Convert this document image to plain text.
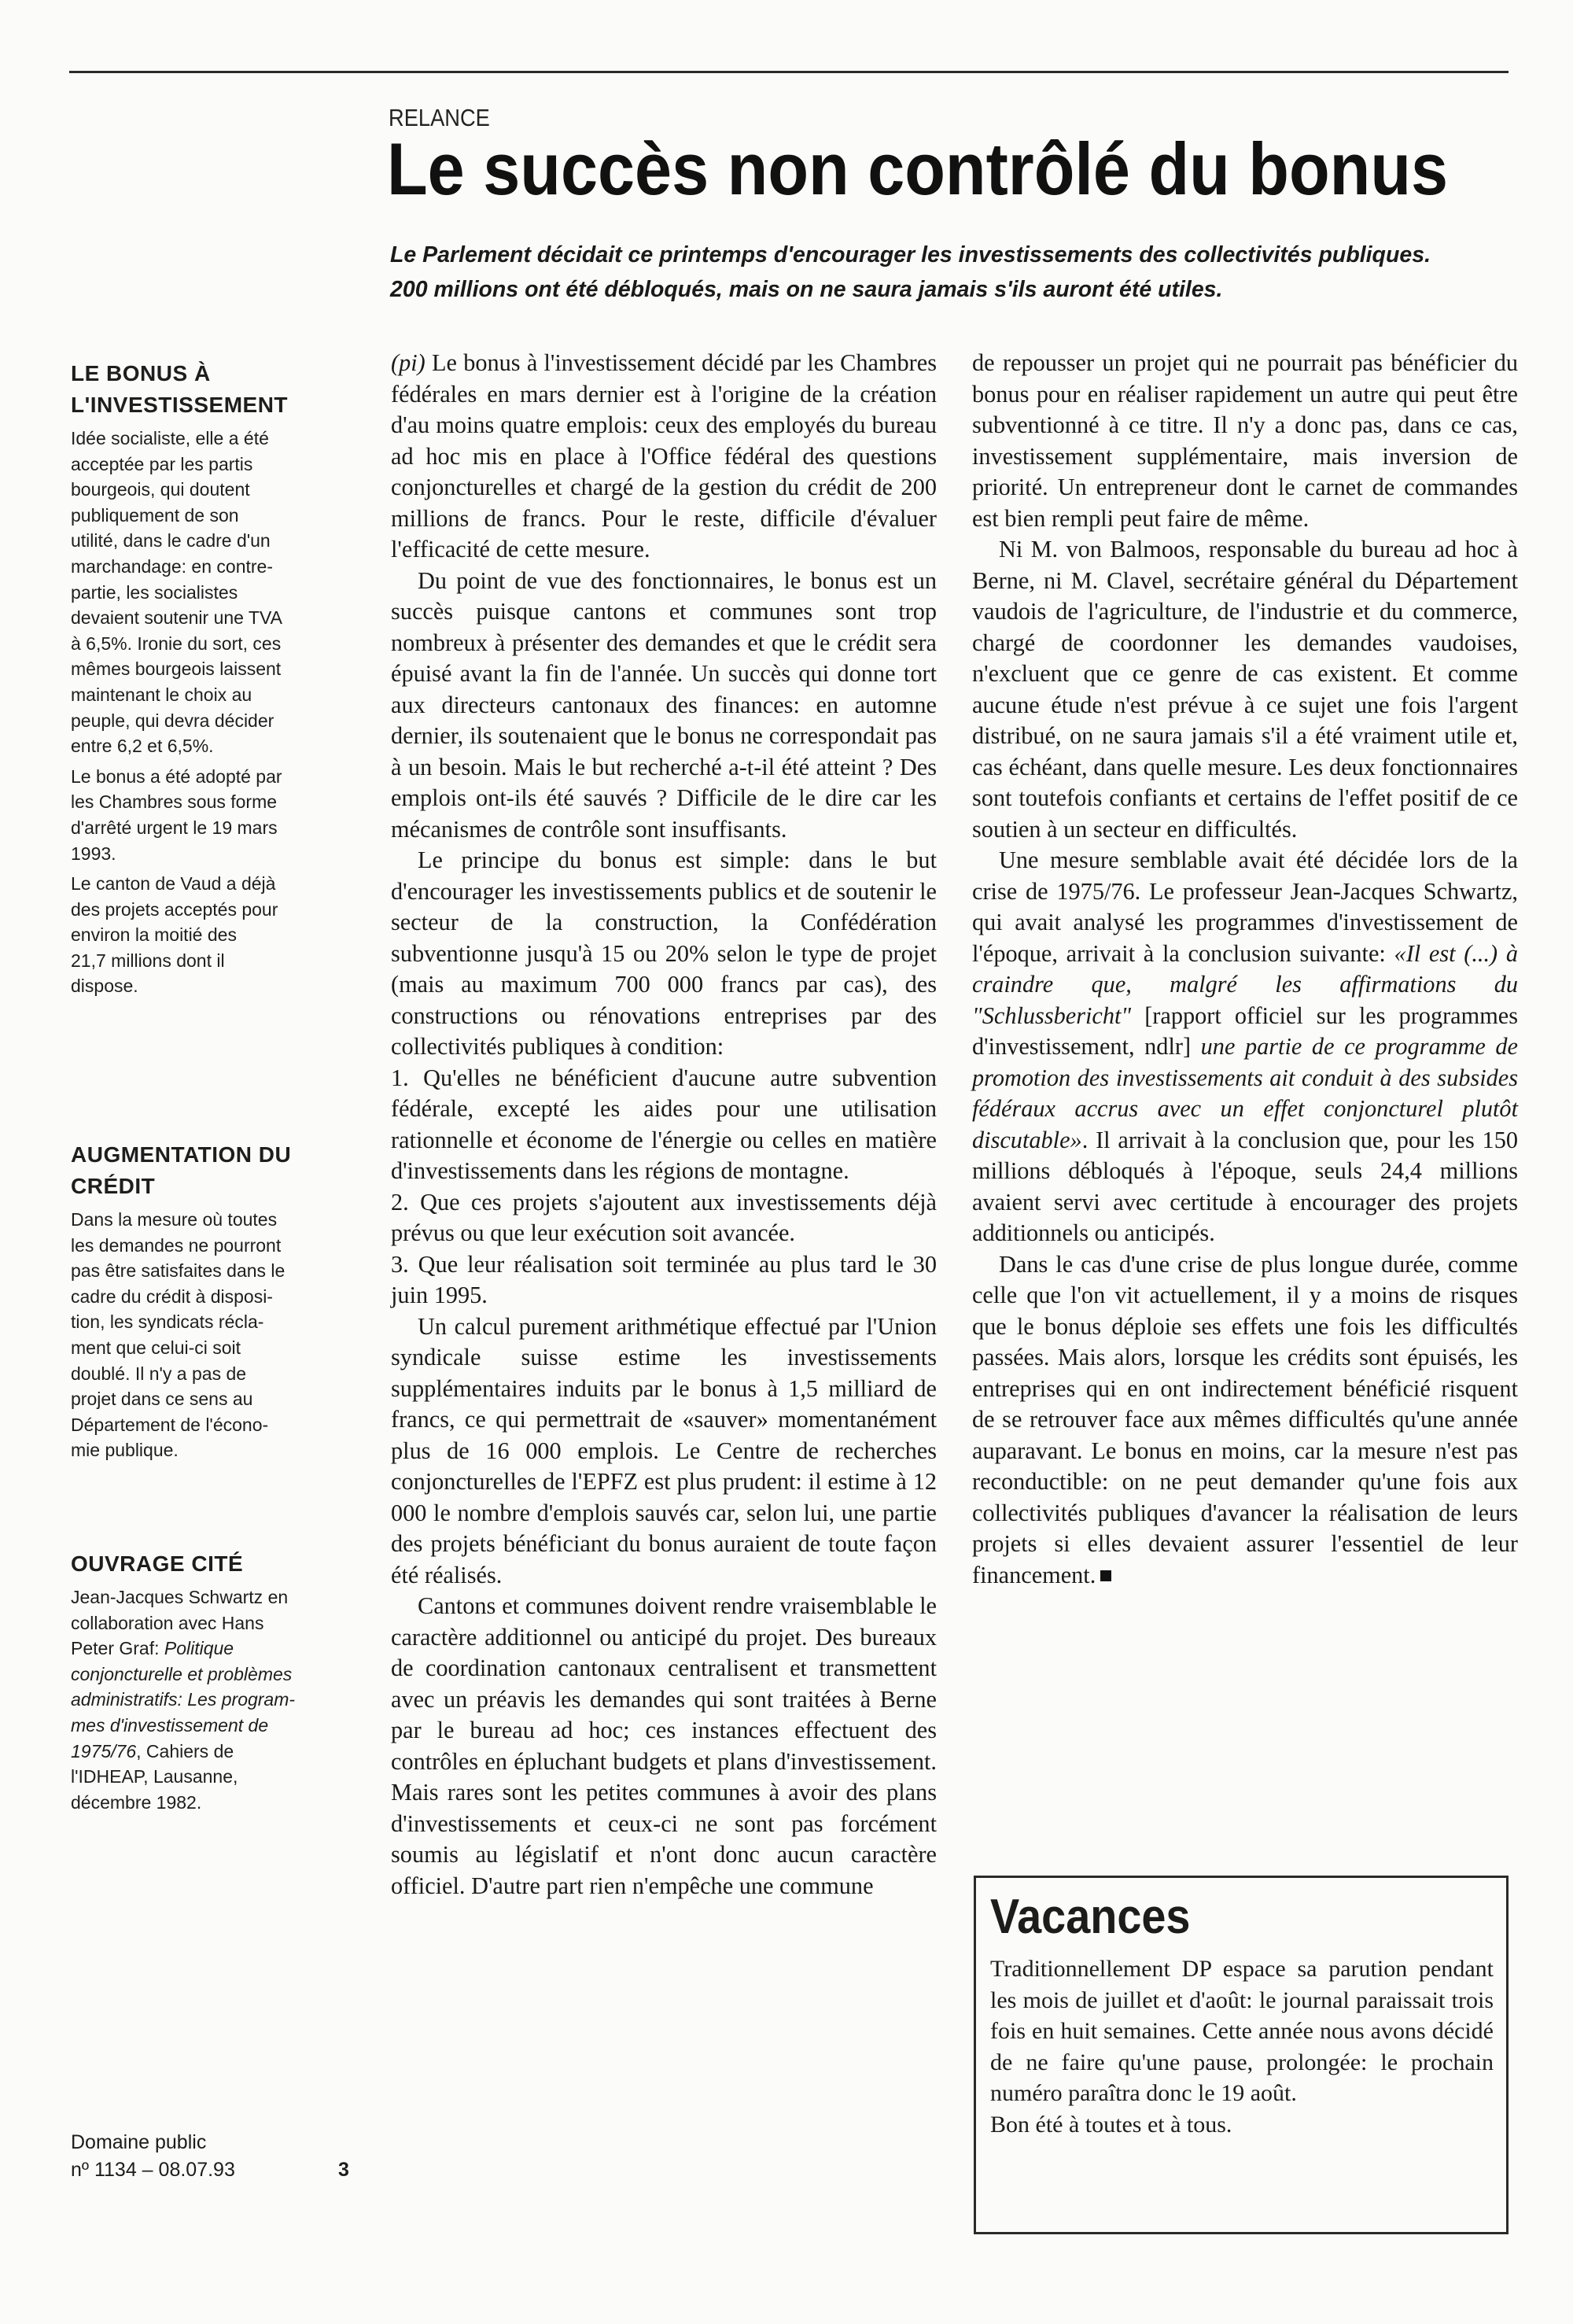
RELANCE
Le succès non contrôlé du bonus
Le Parlement décidait ce printemps d'encourager les investissements des collectivités publiques.
200 millions ont été débloqués, mais on ne saura jamais s'ils auront été utiles.
LE BONUS À
L'INVESTISSEMENT
Idée socialiste, elle a été
acceptée par les partis
bourgeois, qui doutent
publiquement de son
utilité, dans le cadre d'un
marchandage: en contre-
partie, les socialistes
devaient soutenir une TVA
à 6,5%. Ironie du sort, ces
mêmes bourgeois laissent
maintenant le choix au
peuple, qui devra décider
entre 6,2 et 6,5%.
Le bonus a été adopté par
les Chambres sous forme
d'arrêté urgent le 19 mars
1993.
Le canton de Vaud a déjà
des projets acceptés pour
environ la moitié des
21,7 millions dont il
dispose.
AUGMENTATION DU
CRÉDIT
Dans la mesure où toutes
les demandes ne pourront
pas être satisfaites dans le
cadre du crédit à disposi-
tion, les syndicats récla-
ment que celui-ci soit
doublé. Il n'y a pas de
projet dans ce sens au
Département de l'écono-
mie publique.
OUVRAGE CITÉ
Jean-Jacques Schwartz en
collaboration avec Hans
Peter Graf: Politique
conjoncturelle et problèmes
administratifs: Les program-
mes d'investissement de
1975/76, Cahiers de
l'IDHEAP, Lausanne,
décembre 1982.

(pi) Le bonus à l'investissement décidé par les Chambres fédérales en mars dernier est à l'origine de la création d'au moins quatre emplois: ceux des employés du bureau ad hoc mis en place à l'Office fédéral des questions conjoncturelles et chargé de la gestion du crédit de 200 millions de francs. Pour le reste, difficile d'évaluer l'efficacité de cette mesure.

Du point de vue des fonctionnaires, le bonus est un succès puisque cantons et communes sont trop nombreux à présenter des demandes et que le crédit sera épuisé avant la fin de l'année. Un succès qui donne tort aux directeurs cantonaux des finances: en automne dernier, ils soutenaient que le bonus ne correspondait pas à un besoin. Mais le but recherché a-t-il été atteint ? Des emplois ont-ils été sauvés ? Difficile de le dire car les mécanismes de contrôle sont insuffisants.

Le principe du bonus est simple: dans le but d'encourager les investissements publics et de soutenir le secteur de la construction, la Confédération subventionne jusqu'à 15 ou 20% selon le type de projet (mais au maximum 700 000 francs par cas), des constructions ou rénovations entreprises par des collectivités publiques à condition:

1. Qu'elles ne bénéficient d'aucune autre subvention fédérale, excepté les aides pour une utilisation rationnelle et économe de l'énergie ou celles en matière d'investissements dans les régions de montagne.

2. Que ces projets s'ajoutent aux investissements déjà prévus ou que leur exécution soit avancée.

3. Que leur réalisation soit terminée au plus tard le 30 juin 1995.

Un calcul purement arithmétique effectué par l'Union syndicale suisse estime les investissements supplémentaires induits par le bonus à 1,5 milliard de francs, ce qui permettrait de «sauver» momentanément plus de 16 000 emplois. Le Centre de recherches conjoncturelles de l'EPFZ est plus prudent: il estime à 12 000 le nombre d'emplois sauvés car, selon lui, une partie des projets bénéficiant du bonus auraient de toute façon été réalisés.

Cantons et communes doivent rendre vraisemblable le caractère additionnel ou anticipé du projet. Des bureaux de coordination cantonaux centralisent et transmettent avec un préavis les demandes qui sont traitées à Berne par le bureau ad hoc; ces instances effectuent des contrôles en épluchant budgets et plans d'investissement. Mais rares sont les petites communes à avoir des plans d'investissements et ceux-ci ne sont pas forcément soumis au législatif et n'ont donc aucun caractère officiel. D'autre part rien n'empêche une commune

de repousser un projet qui ne pourrait pas bénéficier du bonus pour en réaliser rapidement un autre qui peut être subventionné à ce titre. Il n'y a donc pas, dans ce cas, investissement supplémentaire, mais inversion de priorité. Un entrepreneur dont le carnet de commandes est bien rempli peut faire de même.

Ni M. von Balmoos, responsable du bureau ad hoc à Berne, ni M. Clavel, secrétaire général du Département vaudois de l'agriculture, de l'industrie et du commerce, chargé de coordonner les demandes vaudoises, n'excluent que ce genre de cas existent. Et comme aucune étude n'est prévue à ce sujet une fois l'argent distribué, on ne saura jamais s'il a été vraiment utile et, cas échéant, dans quelle mesure. Les deux fonctionnaires sont toutefois confiants et certains de l'effet positif de ce soutien à un secteur en difficultés.

Une mesure semblable avait été décidée lors de la crise de 1975/76. Le professeur Jean-Jacques Schwartz, qui avait analysé les programmes d'investissement de l'époque, arrivait à la conclusion suivante: «Il est (...) à craindre que, malgré les affirmations du "Schlussbericht" [rapport officiel sur les programmes d'investissement, ndlr] une partie de ce programme de promotion des investissements ait conduit à des subsides fédéraux accrus avec un effet conjoncturel plutôt discutable». Il arrivait à la conclusion que, pour les 150 millions débloqués à l'époque, seuls 24,4 millions avaient servi avec certitude à encourager des projets additionnels ou anticipés.

Dans le cas d'une crise de plus longue durée, comme celle que l'on vit actuellement, il y a moins de risques que le bonus déploie ses effets une fois les difficultés passées. Mais alors, lorsque les crédits sont épuisés, les entreprises qui en ont indirectement bénéficié risquent de se retrouver face aux mêmes difficultés qu'une année auparavant. Le bonus en moins, car la mesure n'est pas reconductible: on ne peut demander qu'une fois aux collectivités publiques d'avancer la réalisation de leurs projets si elles devaient assurer l'essentiel de leur financement.

Vacances

Traditionnellement DP espace sa parution pendant les mois de juillet et d'août: le journal paraissait trois fois en huit semaines. Cette année nous avons décidé de ne faire qu'une pause, prolongée: le prochain numéro paraîtra donc le 19 août.

Bon été à toutes et à tous.

Domaine public
nº 1134 – 08.07.93	3
